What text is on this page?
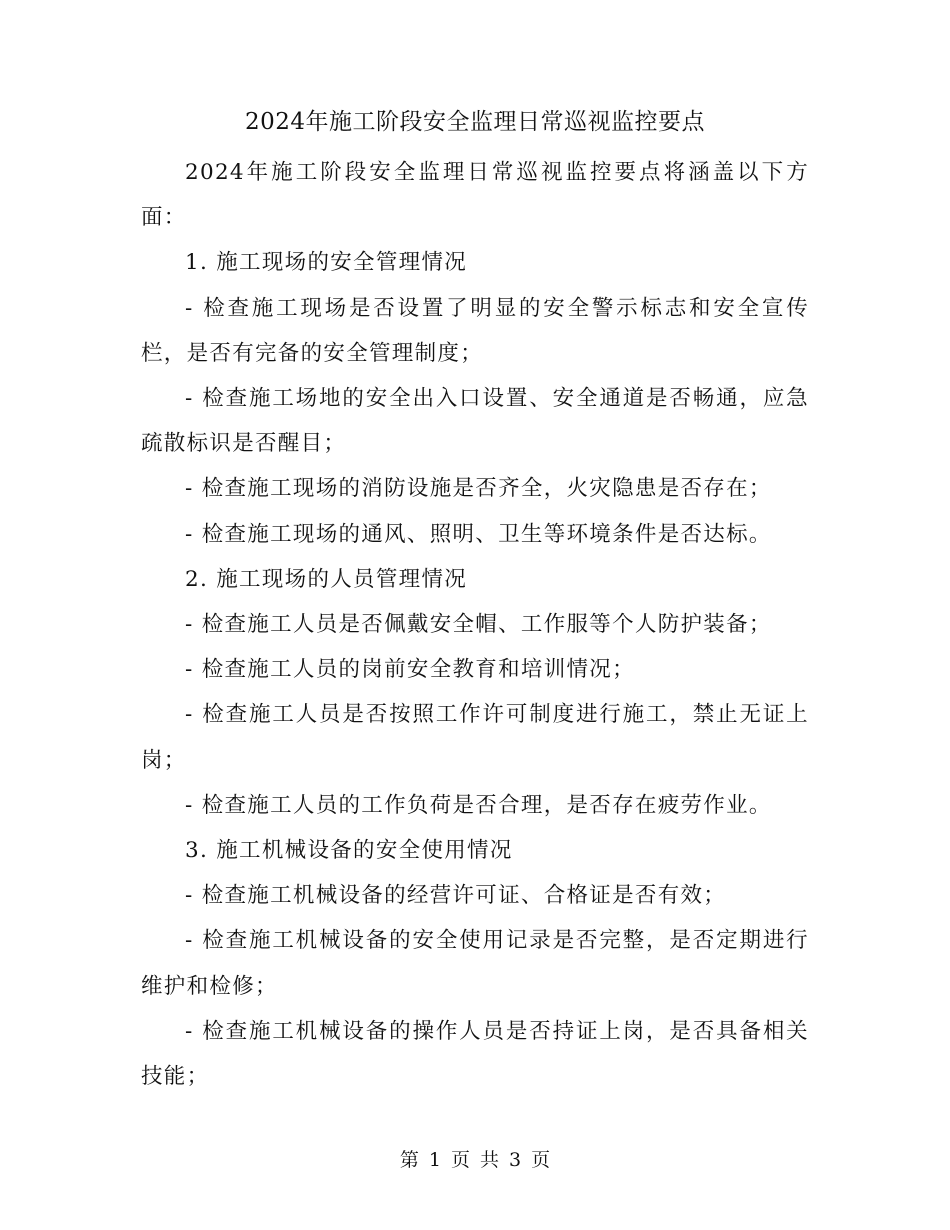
2024年施工阶段安全监理日常巡视监控要点

2024年施工阶段安全监理日常巡视监控要点将涵盖以下方面：

1. 施工现场的安全管理情况

- 检查施工现场是否设置了明显的安全警示标志和安全宣传栏，是否有完备的安全管理制度；

- 检查施工场地的安全出入口设置、安全通道是否畅通，应急疏散标识是否醒目；

- 检查施工现场的消防设施是否齐全，火灾隐患是否存在；

- 检查施工现场的通风、照明、卫生等环境条件是否达标。

2. 施工现场的人员管理情况

- 检查施工人员是否佩戴安全帽、工作服等个人防护装备；

- 检查施工人员的岗前安全教育和培训情况；

- 检查施工人员是否按照工作许可制度进行施工，禁止无证上岗；

- 检查施工人员的工作负荷是否合理，是否存在疲劳作业。

3. 施工机械设备的安全使用情况

- 检查施工机械设备的经营许可证、合格证是否有效；

- 检查施工机械设备的安全使用记录是否完整，是否定期进行维护和检修；

- 检查施工机械设备的操作人员是否持证上岗，是否具备相关技能；

第 1 页 共 3 页
